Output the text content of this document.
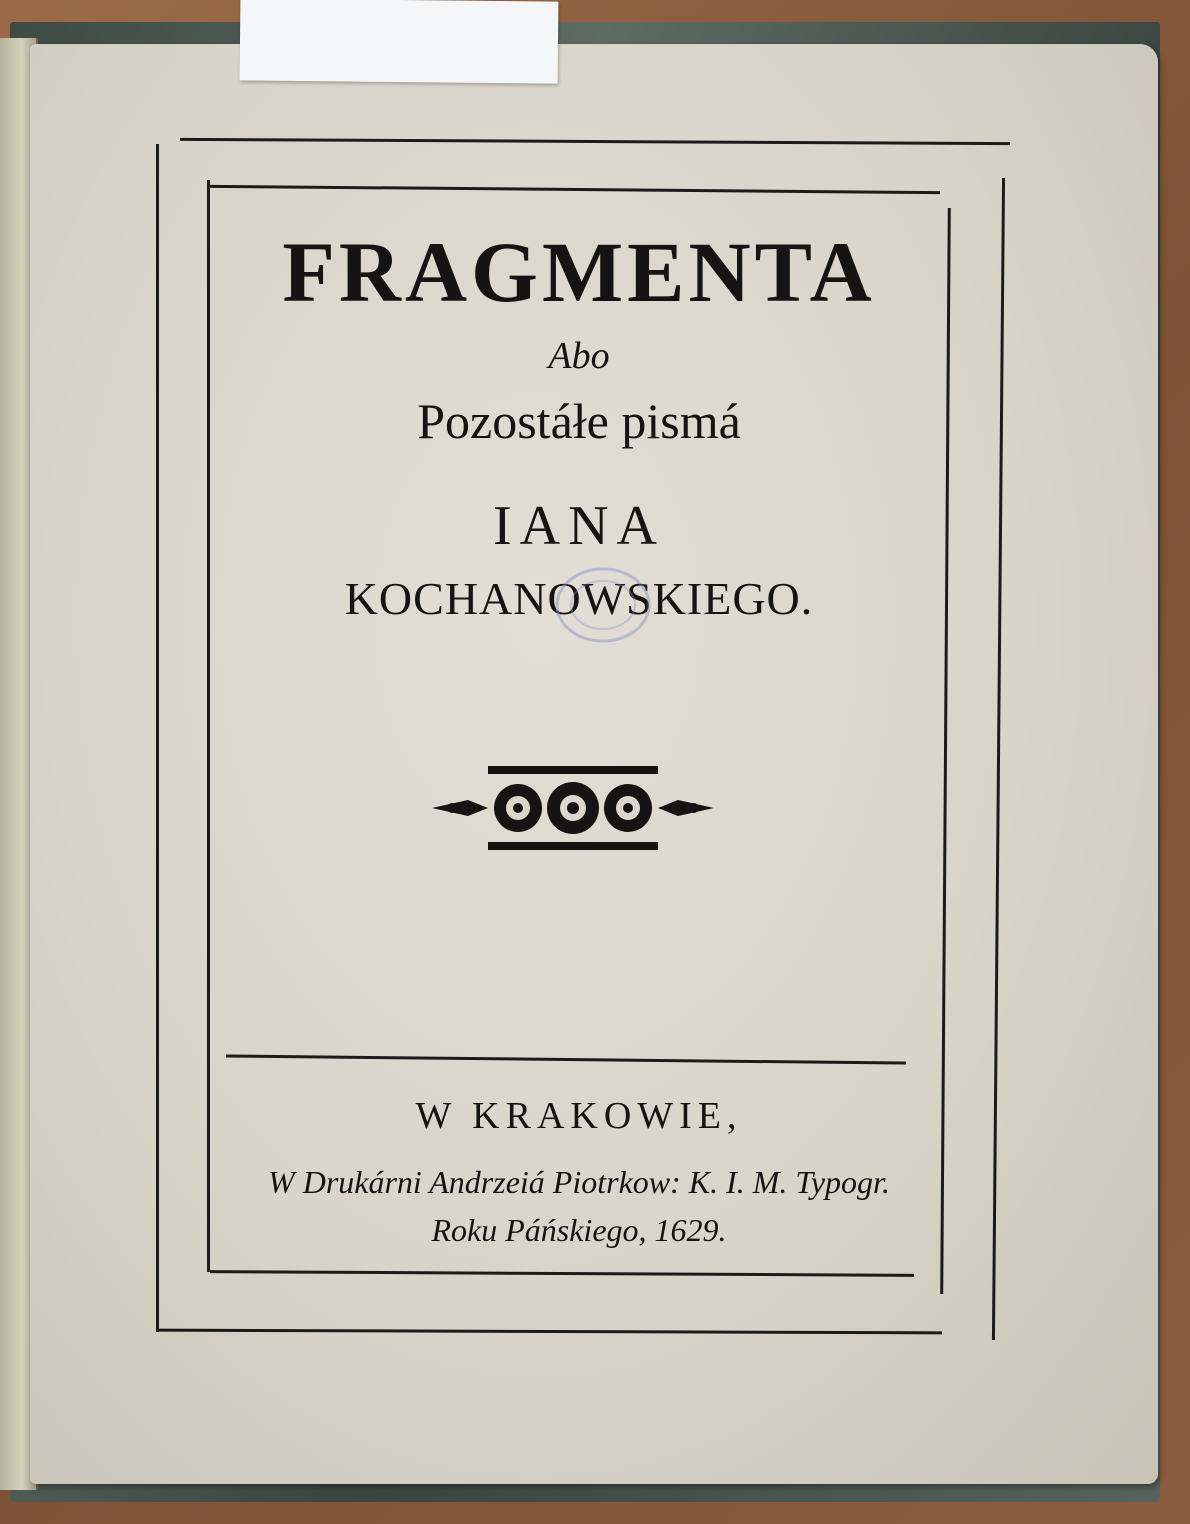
FRAGMENTA
Abo
Pozostáłe pismá
IANA
KOCHANOWSKIEGO.
W KRAKOWIE,
W Drukárni Andrzeiá Piotrkow: K. I. M. Typogr.
Roku Páńskiego, 1629.
